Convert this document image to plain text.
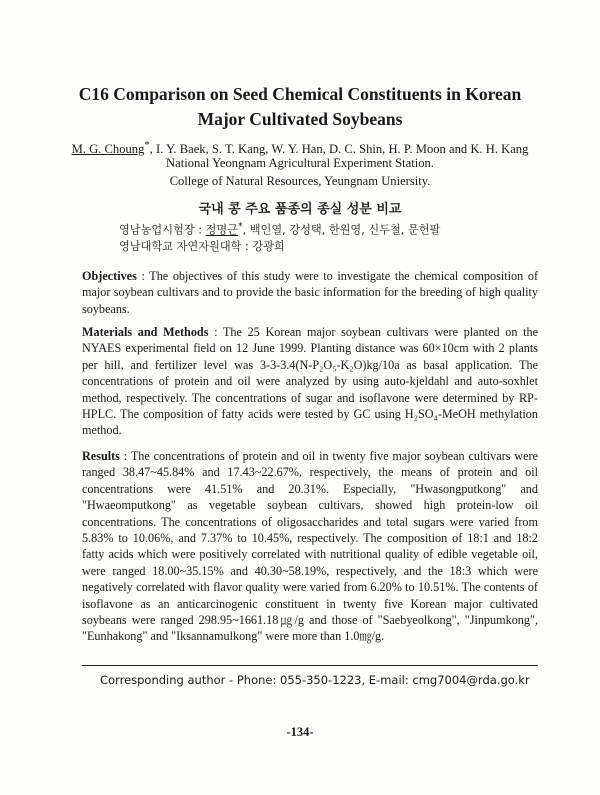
C16 Comparison on Seed Chemical Constituents in Korean
Major Cultivated Soybeans

M. G. Choung*, I. Y. Baek, S. T. Kang, W. Y. Han, D. C. Shin, H. P. Moon and K. H. Kang

National Yeongnam Agricultural Experiment Station.

College of Natural Resources, Yeungnam Uniersity.

국내 콩 주요 품종의 종실 성분 비교

영남농업시험장 : 정명근*, 백인열, 강성택, 한원영, 신두철, 문헌팔

영남대학교 자연자원대학 : 강광희

Objectives : The objectives of this study were to investigate the chemical composition of major soybean cultivars and to provide the basic information for the breeding of high quality soybeans.

Materials and Methods : The 25 Korean major soybean cultivars were planted on the NYAES experimental field on 12 June 1999. Planting distance was 60×10cm with 2 plants per hill, and fertilizer level was 3-3-3.4(N-P₂O₅-K₂O)kg/10a as basal application. The concentrations of protein and oil were analyzed by using auto-kjeldahl and auto-soxhlet method, respectively. The concentrations of sugar and isoflavone were determined by RP-HPLC. The composition of fatty acids were tested by GC using H₂SO₄-MeOH methylation method.

Results : The concentrations of protein and oil in twenty five major soybean cultivars were ranged 38.47~45.84% and 17.43~22.67%, respectively, the means of protein and oil concentrations were 41.51% and 20.31%. Especially, "Hwasongputkong" and "Hwaeomputkong" as vegetable soybean cultivars, showed high protein-low oil concentrations. The concentrations of oligosaccharides and total sugars were varied from 5.83% to 10.06%, and 7.37% to 10.45%, respectively. The composition of 18:1 and 18:2 fatty acids which were positively correlated with nutritional quality of edible vegetable oil, were ranged 18.00~35.15% and 40.30~58.19%, respectively, and the 18:3 which were negatively correlated with flavor quality were varied from 6.20% to 10.51%. The contents of isoflavone as an anticarcinogenic constituent in twenty five Korean major cultivated soybeans were ranged 298.95~1661.18㎍/g and those of "Saebyeolkong", "Jinpumkong", "Eunhakong" and "Iksannamulkong" were more than 1.0㎎/g.

Corresponding author - Phone: 055-350-1223, E-mail: cmg7004@rda.go.kr

-134-
